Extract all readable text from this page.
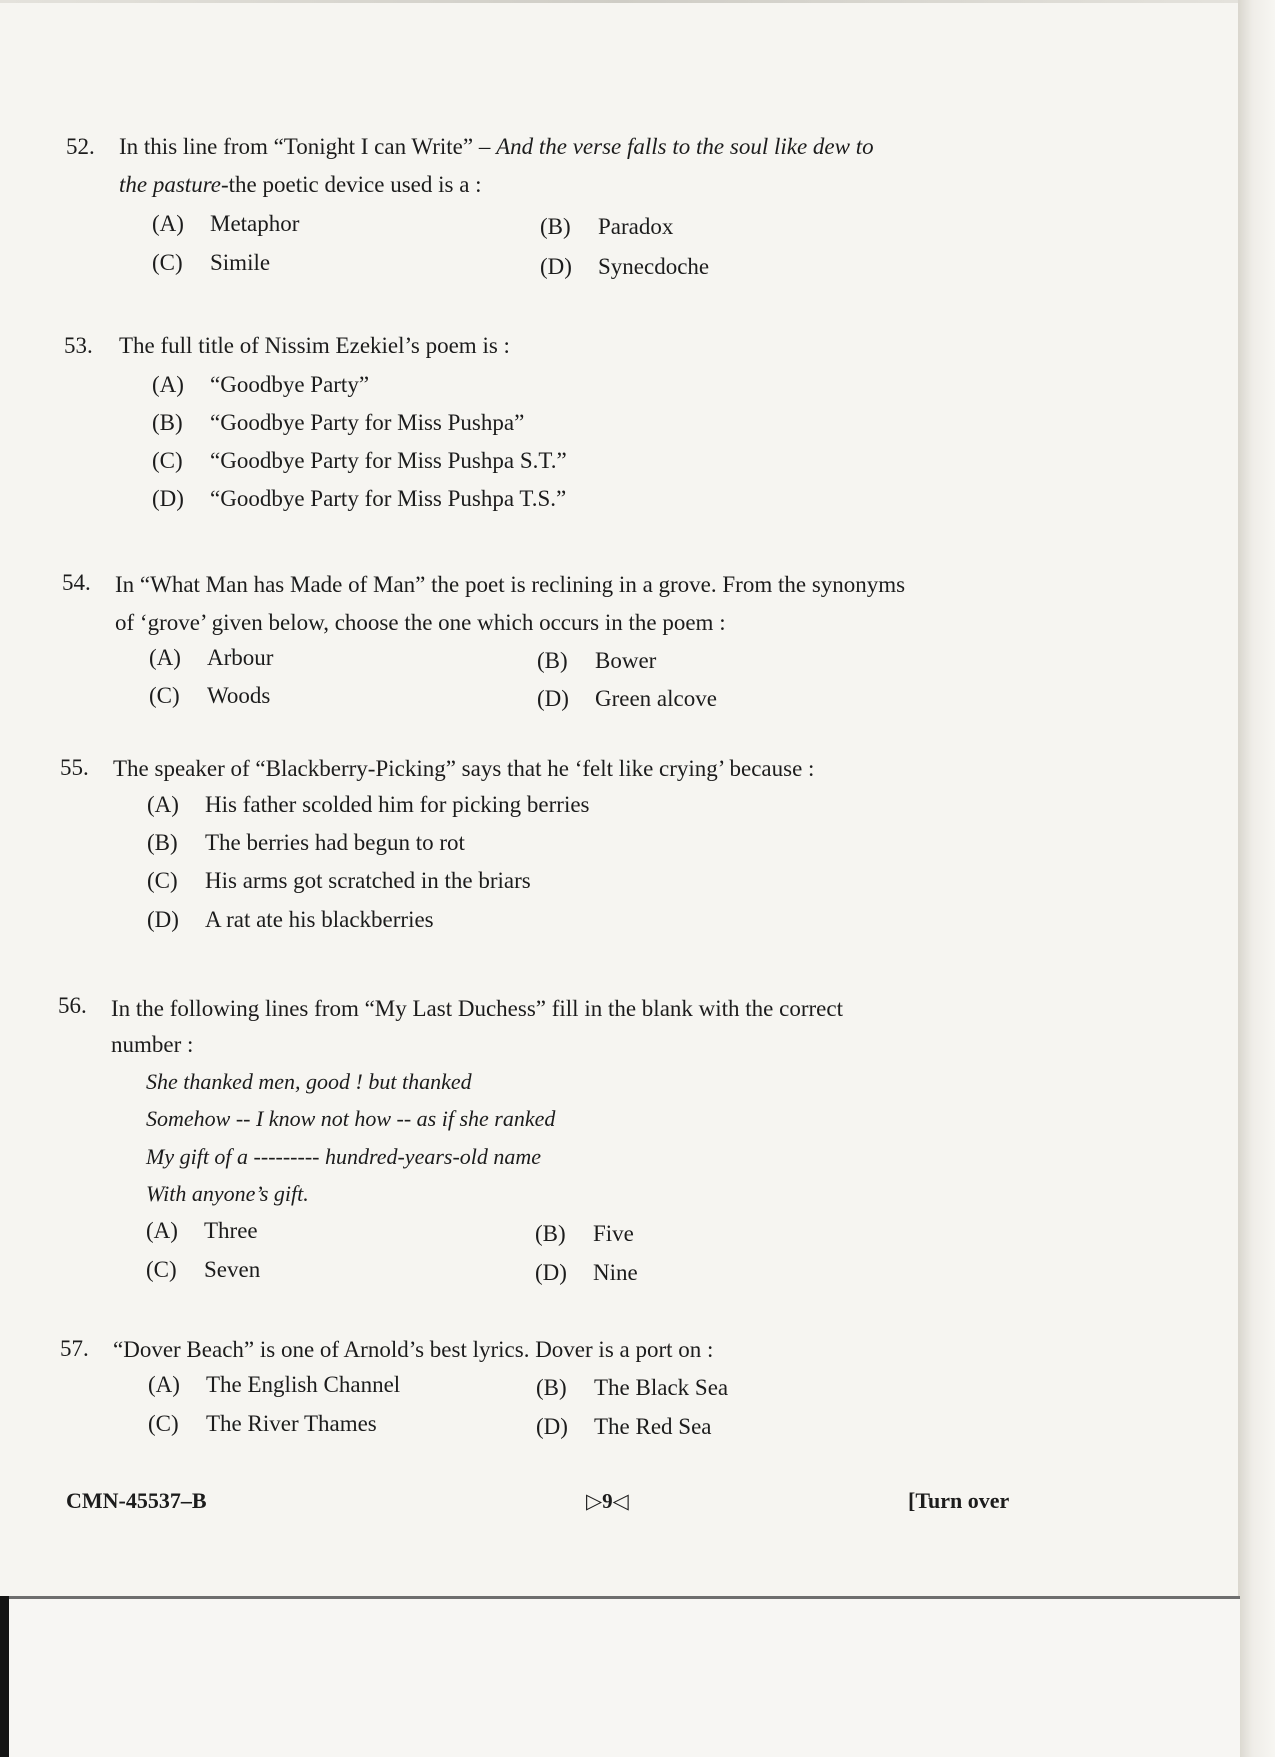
52. In this line from “Tonight I can Write” – And the verse falls to the soul like dew to
the pasture-the poetic device used is a :
(A) Metaphor	(B) Paradox
(C) Simile	(D) Synecdoche
53. The full title of Nissim Ezekiel’s poem is :
(A) “Goodbye Party”
(B) “Goodbye Party for Miss Pushpa”
(C) “Goodbye Party for Miss Pushpa S.T.”
(D) “Goodbye Party for Miss Pushpa T.S.”
54. In “What Man has Made of Man” the poet is reclining in a grove. From the synonyms
of ‘grove’ given below, choose the one which occurs in the poem :
(A) Arbour	(B) Bower
(C) Woods	(D) Green alcove
55. The speaker of “Blackberry-Picking” says that he ‘felt like crying’ because :
(A) His father scolded him for picking berries
(B) The berries had begun to rot
(C) His arms got scratched in the briars
(D) A rat ate his blackberries
56. In the following lines from “My Last Duchess” fill in the blank with the correct
number :
She thanked men, good ! but thanked
Somehow -- I know not how -- as if she ranked
My gift of a --------- hundred-years-old name
With anyone’s gift.
(A) Three	(B) Five
(C) Seven	(D) Nine
57. “Dover Beach” is one of Arnold’s best lyrics. Dover is a port on :
(A) The English Channel	(B) The Black Sea
(C) The River Thames	(D) The Red Sea
CMN-45537–B	▷9◁	[Turn over
